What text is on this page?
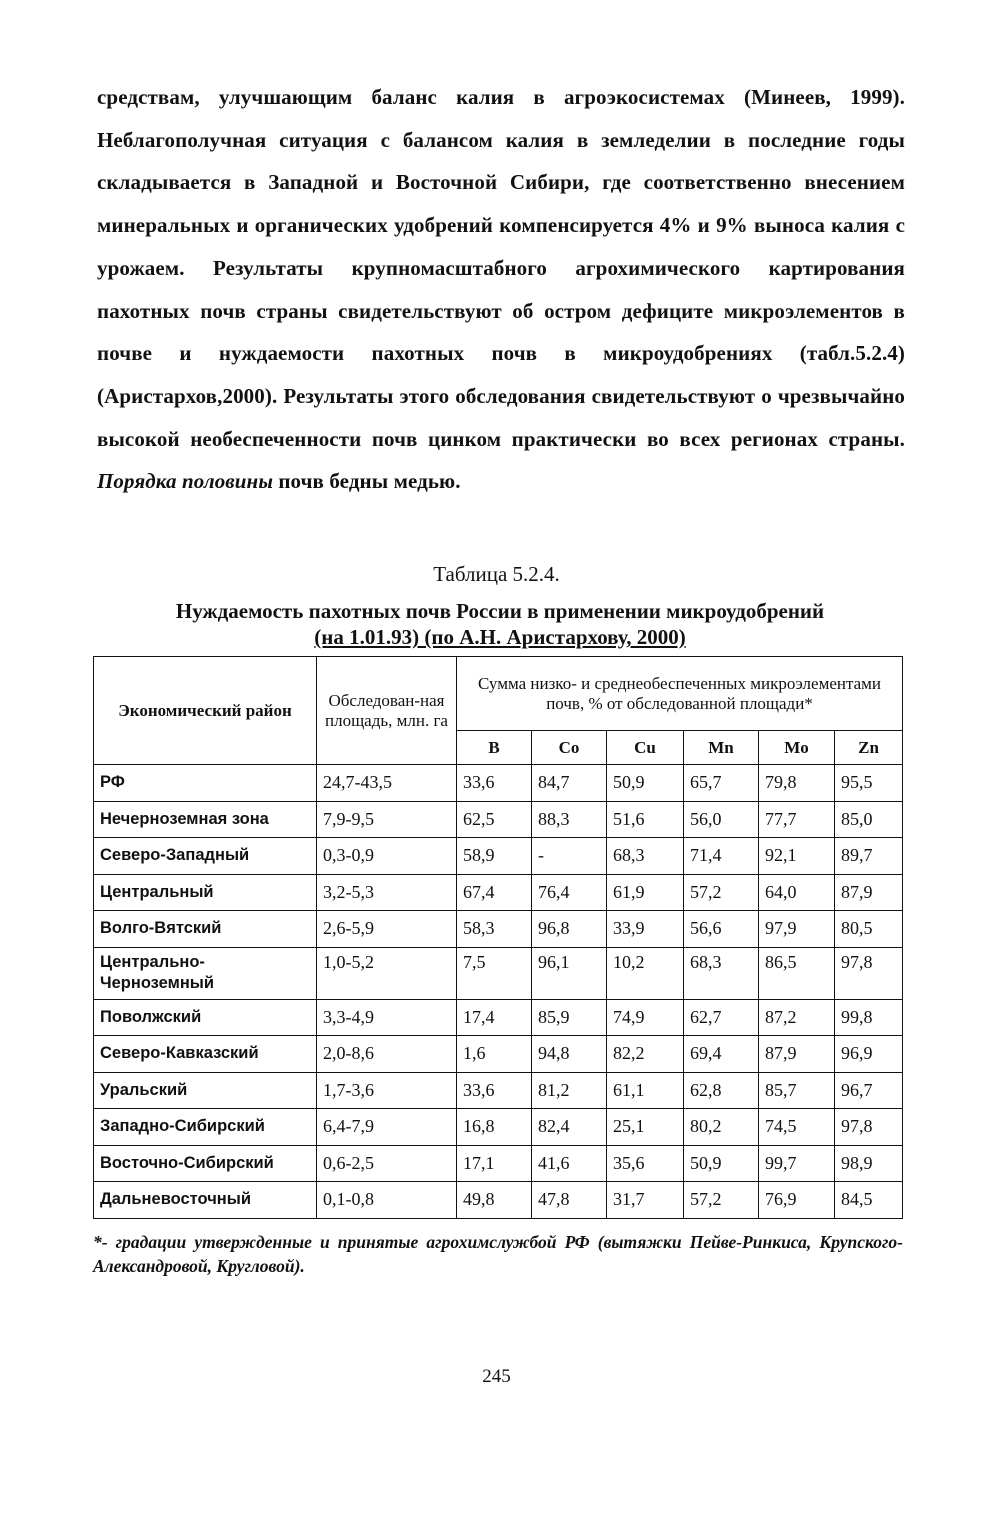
средствам, улучшающим баланс калия в агроэкосистемах (Минеев, 1999). Неблагополучная ситуация с балансом калия в земледелии в последние годы складывается в Западной и Восточной Сибири, где соответственно внесением минеральных и органических удобрений компенсируется 4% и 9% выноса калия с урожаем. Результаты крупномасштабного агрохимического картирования пахотных почв страны свидетельствуют об остром дефиците микроэлементов в почве и нуждаемости пахотных почв в микроудобрениях (табл.5.2.4) (Аристархов,2000). Результаты этого обследования свидетельствуют о чрезвычайно высокой необеспеченности почв цинком практически во всех регионах страны. Порядка половины почв бедны медью.

Таблица 5.2.4.

Нуждаемость пахотных почв России в применении микроудобрений
(на 1.01.93) (по А.Н. Аристархову, 2000)

Экономический район	Обследован-ная площадь, млн. га	Сумма низко- и среднеобеспеченных микроэлементами почв, % от обследованной площади*					
		B	Co	Cu	Mn	Mo	Zn
РФ	24,7-43,5	33,6	84,7	50,9	65,7	79,8	95,5
Нечерноземная зона	7,9-9,5	62,5	88,3	51,6	56,0	77,7	85,0
Северо-Западный	0,3-0,9	58,9	-	68,3	71,4	92,1	89,7
Центральный	3,2-5,3	67,4	76,4	61,9	57,2	64,0	87,9
Волго-Вятский	2,6-5,9	58,3	96,8	33,9	56,6	97,9	80,5
Центрально-Черноземный	1,0-5,2	7,5	96,1	10,2	68,3	86,5	97,8
Поволжский	3,3-4,9	17,4	85,9	74,9	62,7	87,2	99,8
Северо-Кавказский	2,0-8,6	1,6	94,8	82,2	69,4	87,9	96,9
Уральский	1,7-3,6	33,6	81,2	61,1	62,8	85,7	96,7
Западно-Сибирский	6,4-7,9	16,8	82,4	25,1	80,2	74,5	97,8
Восточно-Сибирский	0,6-2,5	17,1	41,6	35,6	50,9	99,7	98,9
Дальневосточный	0,1-0,8	49,8	47,8	31,7	57,2	76,9	84,5

*- градации утвержденные и принятые агрохимслужбой РФ (вытяжки Пейве-Ринкиса, Крупского-Александровой, Кругловой).

245
